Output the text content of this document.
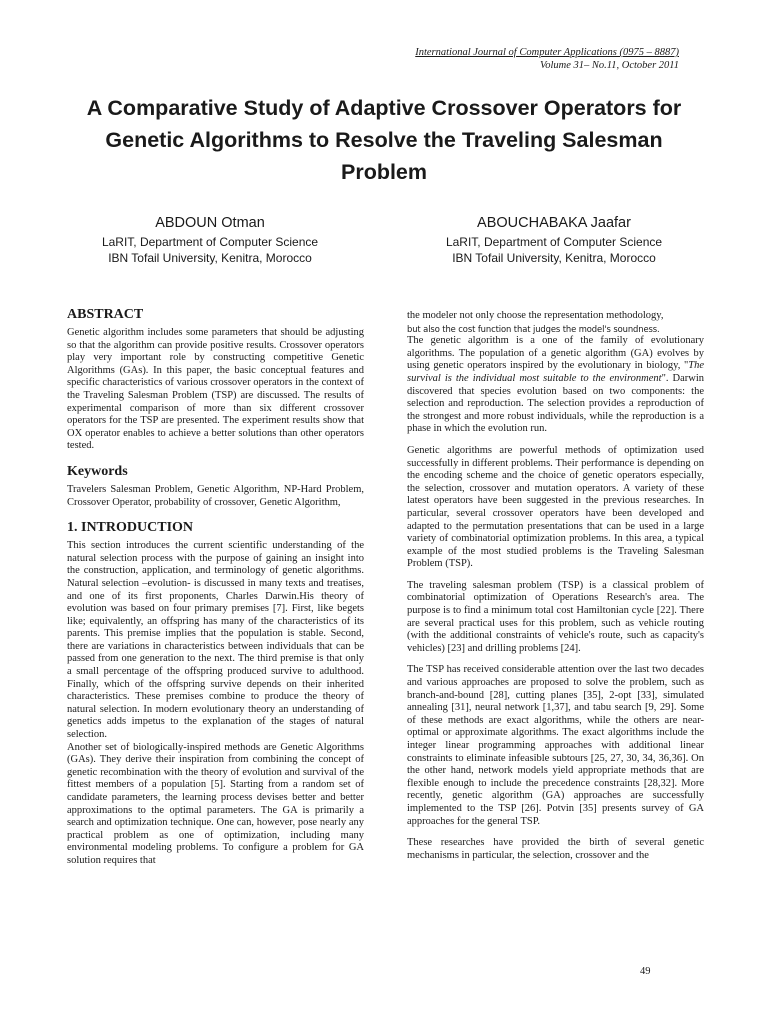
International Journal of Computer Applications (0975 – 8887)
Volume 31– No.11, October 2011
A Comparative Study of Adaptive Crossover Operators for Genetic Algorithms to Resolve the Traveling Salesman Problem
ABDOUN Otman
LaRIT, Department of Computer Science
IBN Tofail University, Kenitra, Morocco
ABOUCHABAKA Jaafar
LaRIT, Department of Computer Science
IBN Tofail University, Kenitra, Morocco
ABSTRACT

Genetic algorithm includes some parameters that should be adjusting so that the algorithm can provide positive results. Crossover operators play very important role by constructing competitive Genetic Algorithms (GAs). In this paper, the basic conceptual features and specific characteristics of various crossover operators in the context of the Traveling Salesman Problem (TSP) are discussed. The results of experimental comparison of more than six different crossover operators for the TSP are presented. The experiment results show that OX operator enables to achieve a better solutions than other operators tested.

Keywords

Travelers Salesman Problem, Genetic Algorithm, NP-Hard Problem, Crossover Operator, probability of crossover, Genetic Algorithm,

1. INTRODUCTION

This section introduces the current scientific understanding of the natural selection process with the purpose of gaining an insight into the construction, application, and terminology of genetic algorithms. Natural selection –evolution- is discussed in many texts and treatises, and one of its first proponents, Charles Darwin.His theory of evolution was based on four primary premises [7]. First, like begets like; equivalently, an offspring has many of the characteristics of its parents. This premise implies that the population is stable. Second, there are variations in characteristics between individuals that can be passed from one generation to the next. The third premise is that only a small percentage of the offspring produced survive to adulthood. Finally, which of the offspring survive depends on their inherited characteristics. These premises combine to produce the theory of natural selection. In modern evolutionary theory an understanding of genetics adds impetus to the explanation of the stages of natural selection.

Another set of biologically-inspired methods are Genetic Algorithms (GAs). They derive their inspiration from combining the concept of genetic recombination with the theory of evolution and survival of the fittest members of a population [5]. Starting from a random set of candidate parameters, the learning process devises better and better approximations to the optimal parameters. The GA is primarily a search and optimization technique. One can, however, pose nearly any practical problem as one of optimization, including many environmental modeling problems. To configure a problem for GA solution requires that

the modeler not only choose the representation methodology,

but also the cost function that judges the model's soundness.

The genetic algorithm is a one of the family of evolutionary algorithms. The population of a genetic algorithm (GA) evolves by using genetic operators inspired by the evolutionary in biology, "The survival is the individual most suitable to the environment". Darwin discovered that species evolution based on two components: the selection and reproduction. The selection provides a reproduction of the strongest and more robust individuals, while the reproduction is a phase in which the evolution run.

Genetic algorithms are powerful methods of optimization used successfully in different problems. Their performance is depending on the encoding scheme and the choice of genetic operators especially, the selection, crossover and mutation operators. A variety of these latest operators have been suggested in the previous researches. In particular, several crossover operators have been developed and adapted to the permutation presentations that can be used in a large variety of combinatorial optimization problems. In this area, a typical example of the most studied problems is the Traveling Salesman Problem (TSP).

The traveling salesman problem (TSP) is a classical problem of combinatorial optimization of Operations Research's area. The purpose is to find a minimum total cost Hamiltonian cycle [22]. There are several practical uses for this problem, such as vehicle routing (with the additional constraints of vehicle's route, such as capacity's vehicles) [23] and drilling problems [24].

The TSP has received considerable attention over the last two decades and various approaches are proposed to solve the problem, such as branch-and-bound [28], cutting planes [35], 2-opt [33], simulated annealing [31], neural network [1,37], and tabu search [9, 29]. Some of these methods are exact algorithms, while the others are near-optimal or approximate algorithms. The exact algorithms include the integer linear programming approaches with additional linear constraints to eliminate infeasible subtours [25, 27, 30, 34, 36,36]. On the other hand, network models yield appropriate methods that are flexible enough to include the precedence constraints [28,32]. More recently, genetic algorithm (GA) approaches are successfully implemented to the TSP [26]. Potvin [35] presents survey of GA approaches for the general TSP.

These researches have provided the birth of several genetic mechanisms in particular, the selection, crossover and the

49
